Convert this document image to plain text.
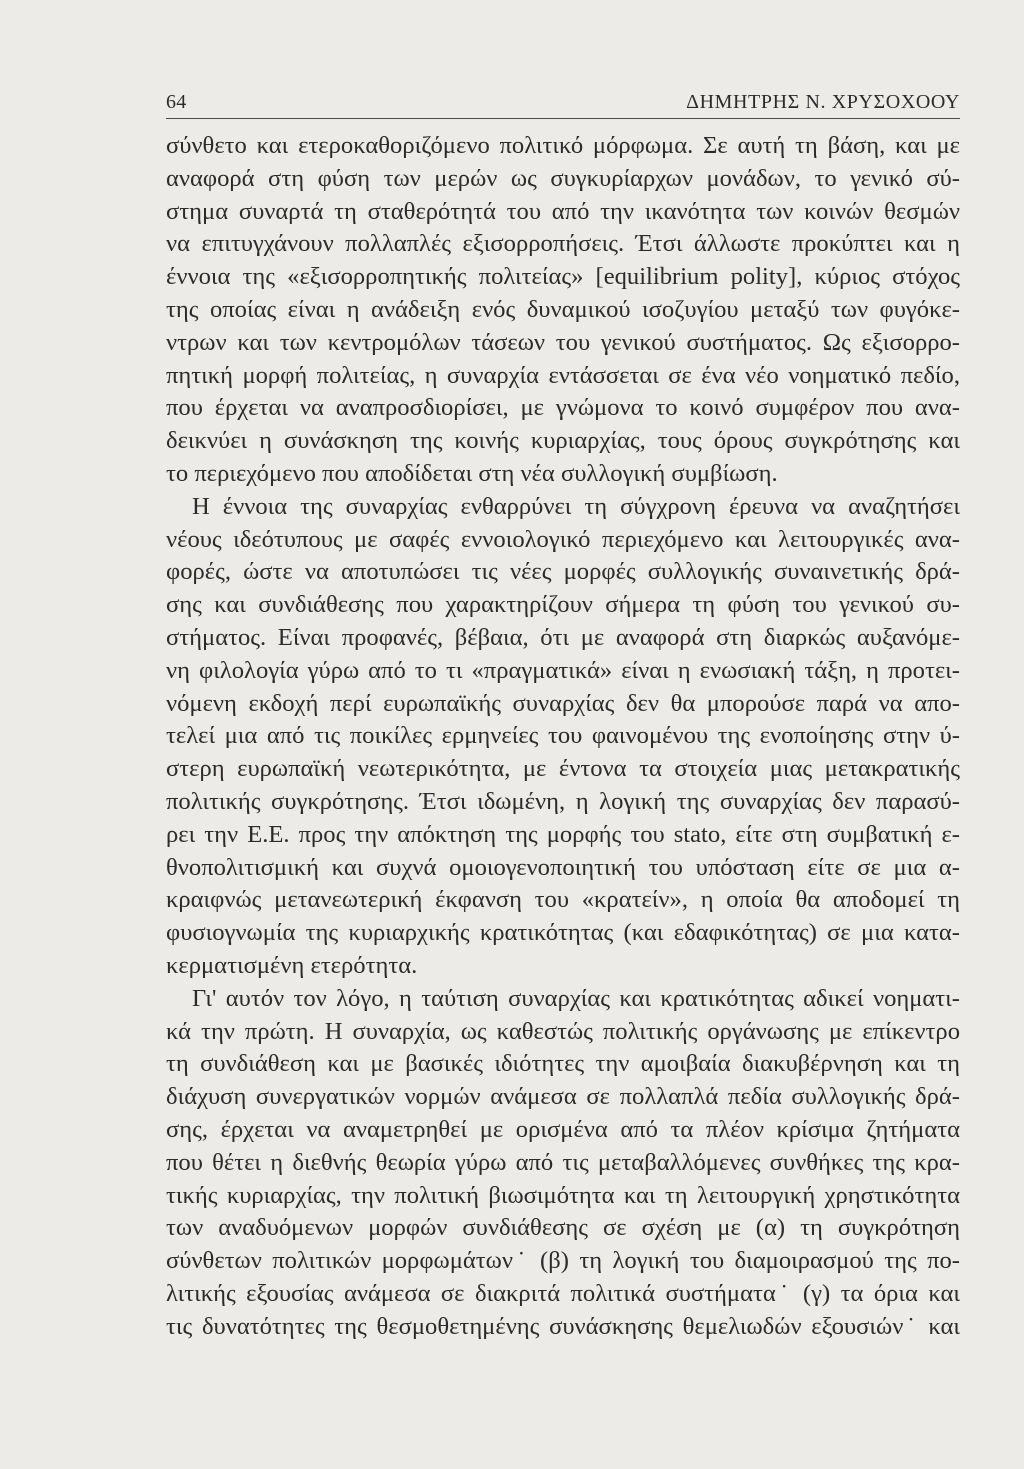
64	ΔΗΜΗΤΡΗΣ Ν. ΧΡΥΣΟΧΟΟΥ
σύνθετο και ετεροκαθοριζόμενο πολιτικό μόρφωμα. Σε αυτή τη βάση, και με
αναφορά στη φύση των μερών ως συγκυρίαρχων μονάδων, το γενικό σύ-
στημα συναρτά τη σταθερότητά του από την ικανότητα των κοινών θεσμών
να επιτυγχάνουν πολλαπλές εξισορροπήσεις. Έτσι άλλωστε προκύπτει και η
έννοια της «εξισορροπητικής πολιτείας» [equilibrium polity], κύριος στόχος
της οποίας είναι η ανάδειξη ενός δυναμικού ισοζυγίου μεταξύ των φυγόκε-
ντρων και των κεντρομόλων τάσεων του γενικού συστήματος. Ως εξισορρο-
πητική μορφή πολιτείας, η συναρχία εντάσσεται σε ένα νέο νοηματικό πεδίο,
που έρχεται να αναπροσδιορίσει, με γνώμονα το κοινό συμφέρον που ανα-
δεικνύει η συνάσκηση της κοινής κυριαρχίας, τους όρους συγκρότησης και
το περιεχόμενο που αποδίδεται στη νέα συλλογική συμβίωση.
Η έννοια της συναρχίας ενθαρρύνει τη σύγχρονη έρευνα να αναζητήσει
νέους ιδεότυπους με σαφές εννοιολογικό περιεχόμενο και λειτουργικές ανα-
φορές, ώστε να αποτυπώσει τις νέες μορφές συλλογικής συναινετικής δρά-
σης και συνδιάθεσης που χαρακτηρίζουν σήμερα τη φύση του γενικού συ-
στήματος. Είναι προφανές, βέβαια, ότι με αναφορά στη διαρκώς αυξανόμε-
νη φιλολογία γύρω από το τι «πραγματικά» είναι η ενωσιακή τάξη, η προτει-
νόμενη εκδοχή περί ευρωπαϊκής συναρχίας δεν θα μπορούσε παρά να απο-
τελεί μια από τις ποικίλες ερμηνείες του φαινομένου της ενοποίησης στην ύ-
στερη ευρωπαϊκή νεωτερικότητα, με έντονα τα στοιχεία μιας μετακρατικής
πολιτικής συγκρότησης. Έτσι ιδωμένη, η λογική της συναρχίας δεν παρασύ-
ρει την Ε.Ε. προς την απόκτηση της μορφής του stato, είτε στη συμβατική ε-
θνοπολιτισμική και συχνά ομοιογενοποιητική του υπόσταση είτε σε μια α-
κραιφνώς μετανεωτερική έκφανση του «κρατείν», η οποία θα αποδομεί τη
φυσιογνωμία της κυριαρχικής κρατικότητας (και εδαφικότητας) σε μια κατα-
κερματισμένη ετερότητα.
Γι' αυτόν τον λόγο, η ταύτιση συναρχίας και κρατικότητας αδικεί νοηματι-
κά την πρώτη. Η συναρχία, ως καθεστώς πολιτικής οργάνωσης με επίκεντρο
τη συνδιάθεση και με βασικές ιδιότητες την αμοιβαία διακυβέρνηση και τη
διάχυση συνεργατικών νορμών ανάμεσα σε πολλαπλά πεδία συλλογικής δρά-
σης, έρχεται να αναμετρηθεί με ορισμένα από τα πλέον κρίσιμα ζητήματα
που θέτει η διεθνής θεωρία γύρω από τις μεταβαλλόμενες συνθήκες της κρα-
τικής κυριαρχίας, την πολιτική βιωσιμότητα και τη λειτουργική χρηστικότητα
των αναδυόμενων μορφών συνδιάθεσης σε σχέση με (α) τη συγκρότηση
σύνθετων πολιτικών μορφωμάτων˙ (β) τη λογική του διαμοιρασμού της πο-
λιτικής εξουσίας ανάμεσα σε διακριτά πολιτικά συστήματα˙ (γ) τα όρια και
τις δυνατότητες της θεσμοθετημένης συνάσκησης θεμελιωδών εξουσιών˙ και
